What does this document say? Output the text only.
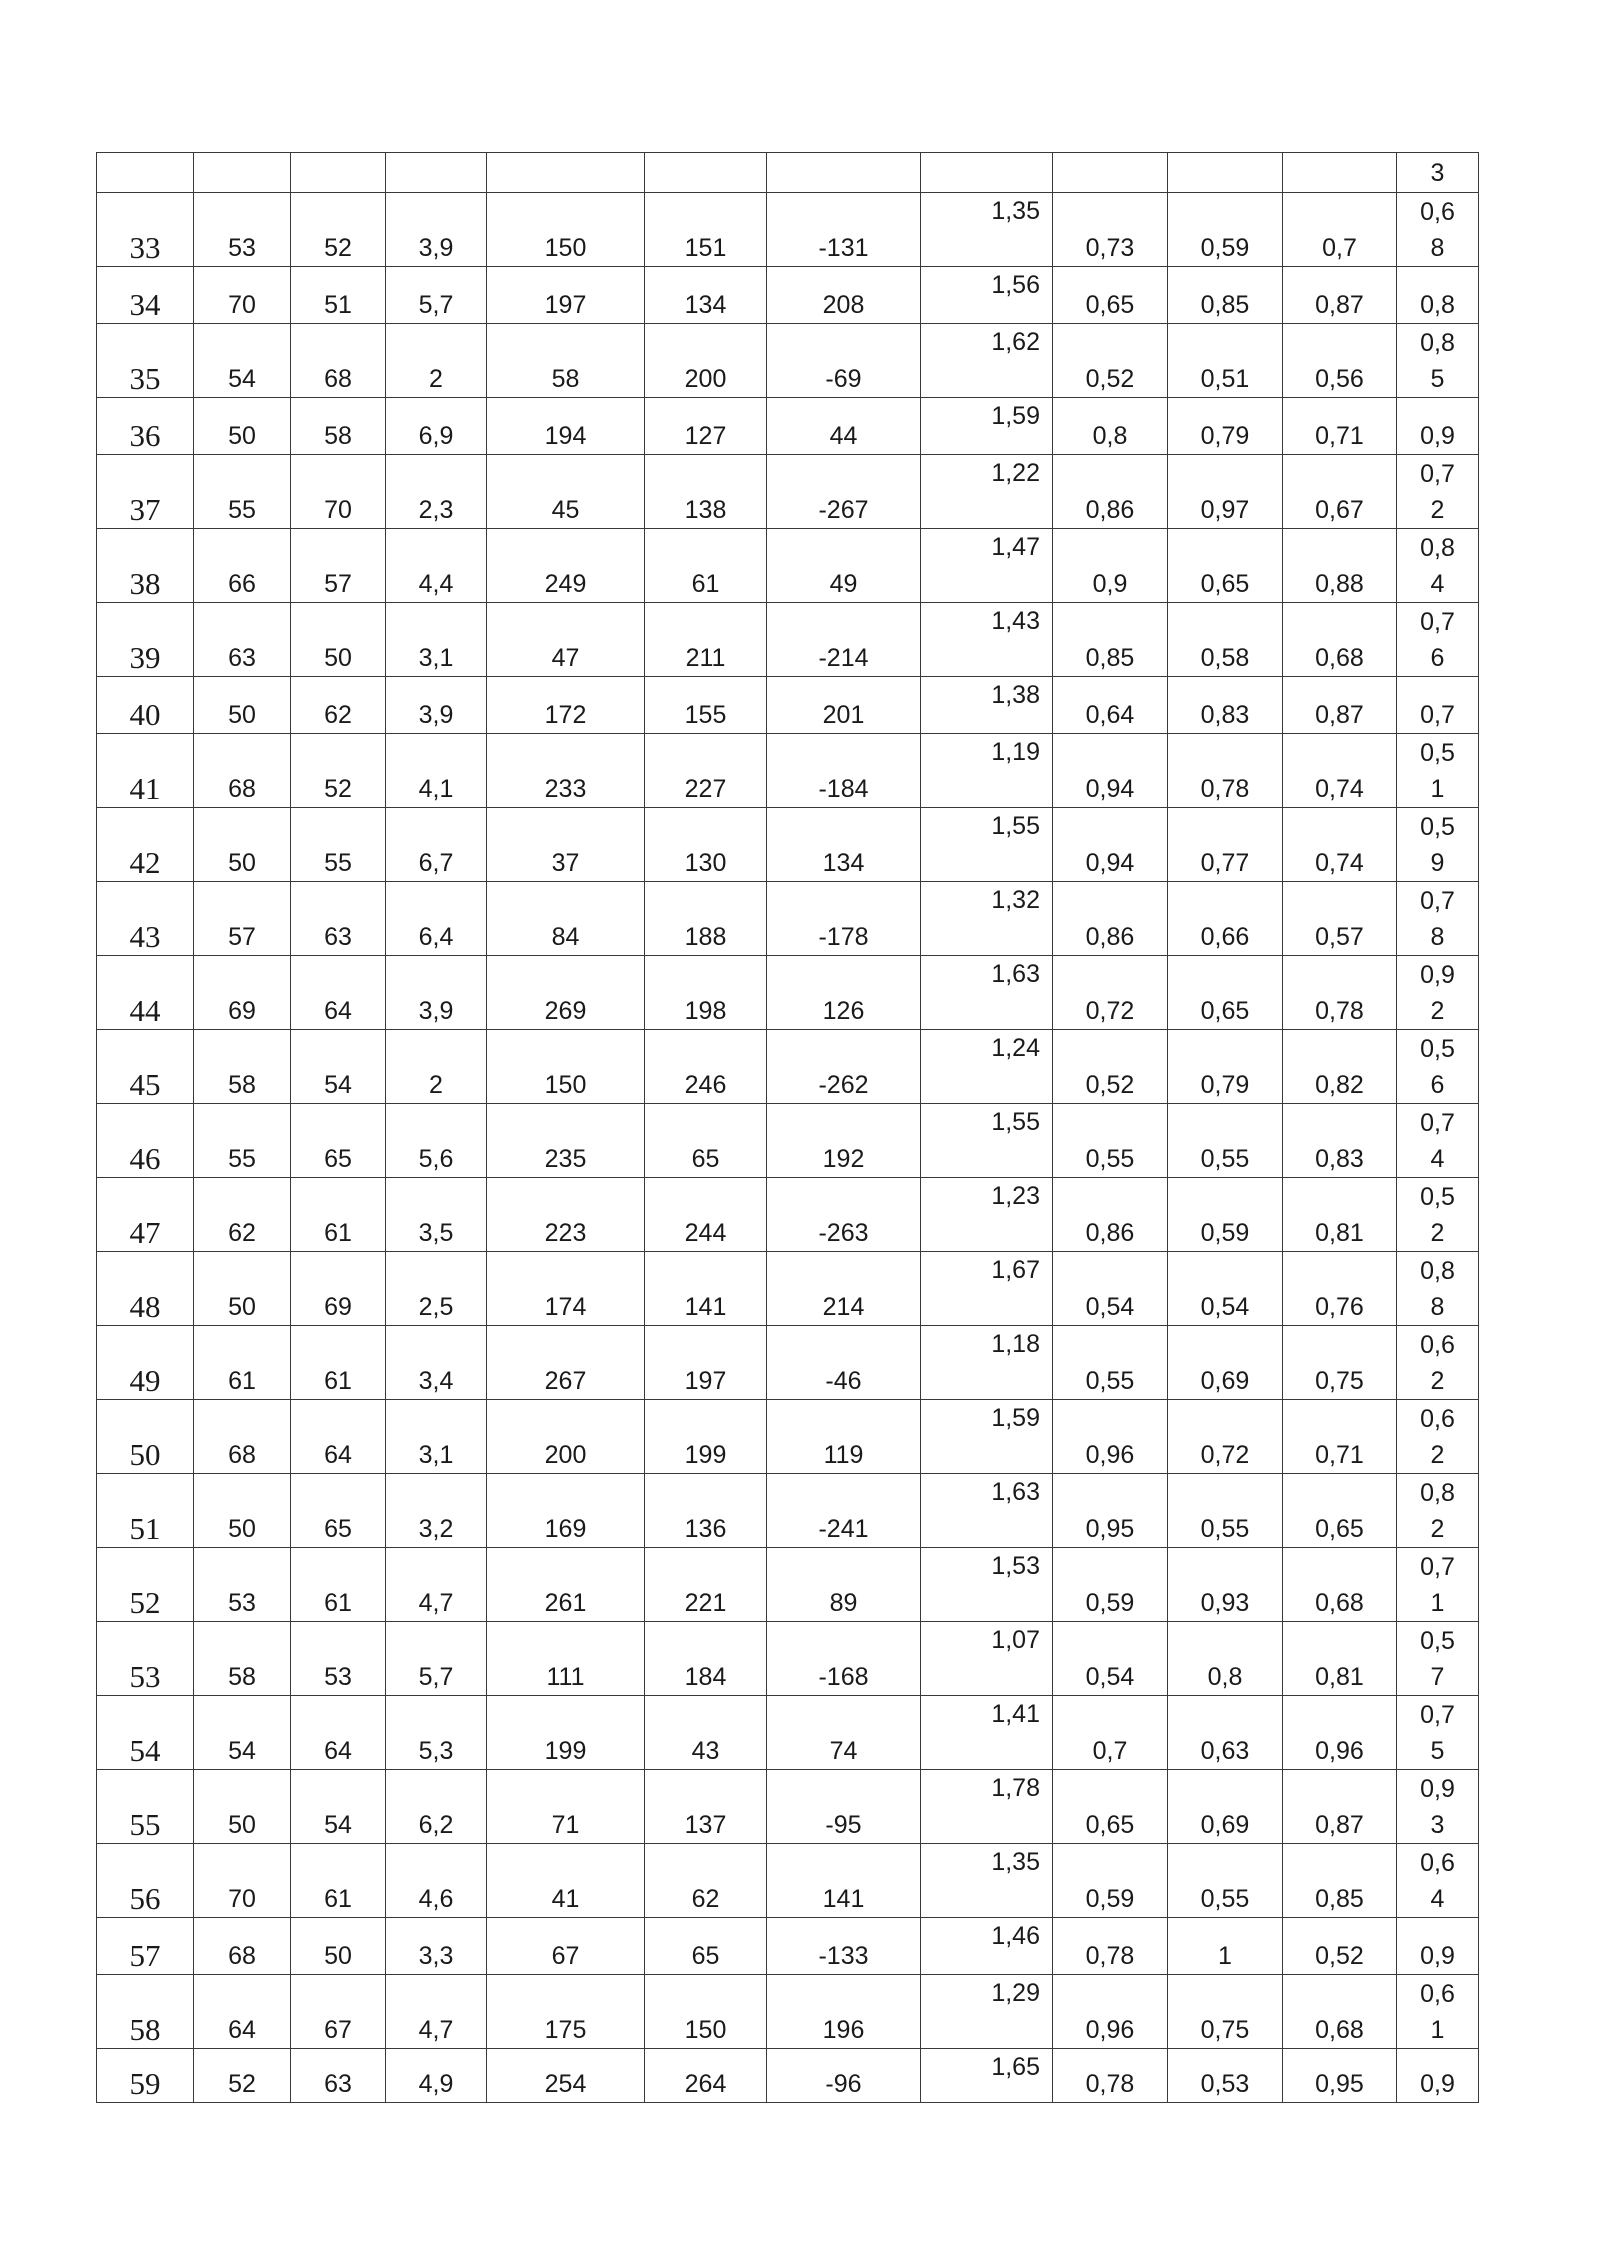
											3

33	53	52	3,9	150	151	-131	1,35	0,73	0,59	0,7	0,6
8

34	70	51	5,7	197	134	208	1,56	0,65	0,85	0,87	0,8

35	54	68	2	58	200	-69	1,62	0,52	0,51	0,56	0,8
5

36	50	58	6,9	194	127	44	1,59	0,8	0,79	0,71	0,9

37	55	70	2,3	45	138	-267	1,22	0,86	0,97	0,67	0,7
2

38	66	57	4,4	249	61	49	1,47	0,9	0,65	0,88	0,8
4

39	63	50	3,1	47	211	-214	1,43	0,85	0,58	0,68	0,7
6

40	50	62	3,9	172	155	201	1,38	0,64	0,83	0,87	0,7

41	68	52	4,1	233	227	-184	1,19	0,94	0,78	0,74	0,5
1

42	50	55	6,7	37	130	134	1,55	0,94	0,77	0,74	0,5
9

43	57	63	6,4	84	188	-178	1,32	0,86	0,66	0,57	0,7
8

44	69	64	3,9	269	198	126	1,63	0,72	0,65	0,78	0,9
2

45	58	54	2	150	246	-262	1,24	0,52	0,79	0,82	0,5
6

46	55	65	5,6	235	65	192	1,55	0,55	0,55	0,83	0,7
4

47	62	61	3,5	223	244	-263	1,23	0,86	0,59	0,81	0,5
2

48	50	69	2,5	174	141	214	1,67	0,54	0,54	0,76	0,8
8

49	61	61	3,4	267	197	-46	1,18	0,55	0,69	0,75	0,6
2

50	68	64	3,1	200	199	119	1,59	0,96	0,72	0,71	0,6
2

51	50	65	3,2	169	136	-241	1,63	0,95	0,55	0,65	0,8
2

52	53	61	4,7	261	221	89	1,53	0,59	0,93	0,68	0,7
1

53	58	53	5,7	111	184	-168	1,07	0,54	0,8	0,81	0,5
7

54	54	64	5,3	199	43	74	1,41	0,7	0,63	0,96	0,7
5

55	50	54	6,2	71	137	-95	1,78	0,65	0,69	0,87	0,9
3

56	70	61	4,6	41	62	141	1,35	0,59	0,55	0,85	0,6
4

57	68	50	3,3	67	65	-133	1,46	0,78	1	0,52	0,9

58	64	67	4,7	175	150	196	1,29	0,96	0,75	0,68	0,6
1

59	52	63	4,9	254	264	-96	1,65	0,78	0,53	0,95	0,9
